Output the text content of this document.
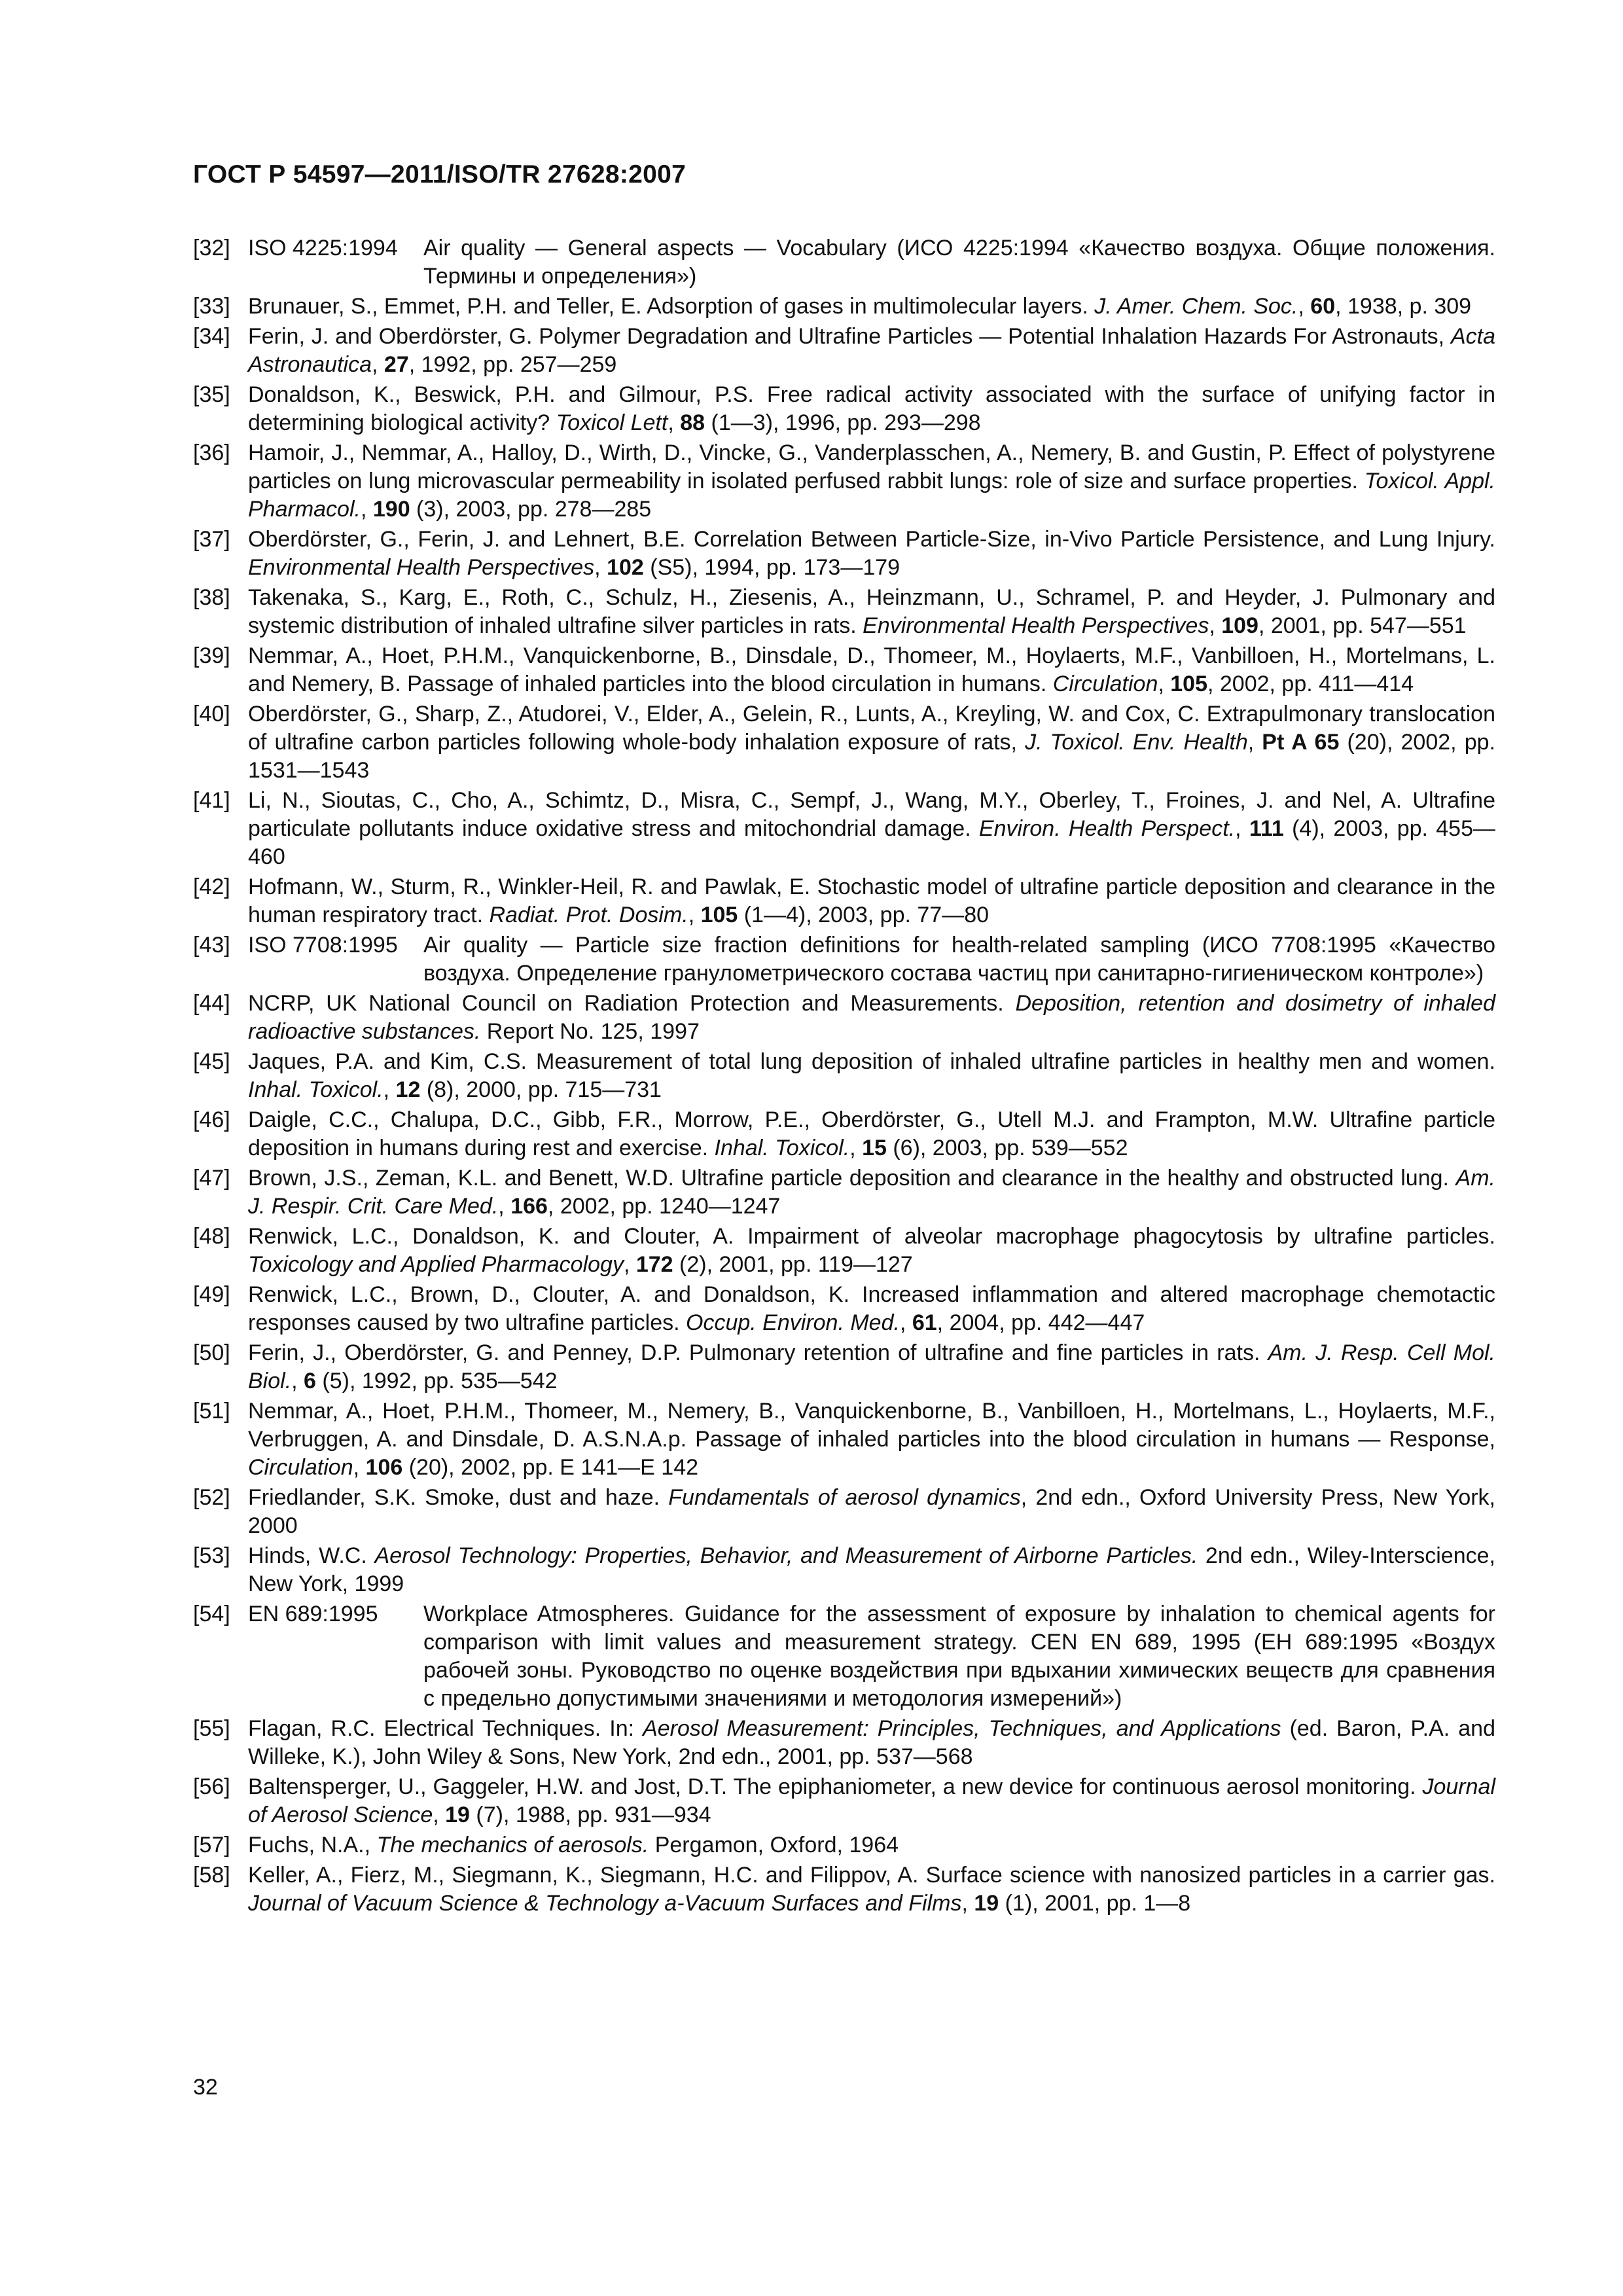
ГОСТ Р 54597—2011/ISO/TR 27628:2007
[32] ISO 4225:1994	Air quality — General aspects — Vocabulary (ИСО 4225:1994 «Качество воздуха. Общие положения. Термины и определения»)
[33] Brunauer, S., Emmet, P.H. and Teller, E. Adsorption of gases in multimolecular layers. J. Amer. Chem. Soc., 60, 1938, p. 309
[34] Ferin, J. and Oberdörster, G. Polymer Degradation and Ultrafine Particles — Potential Inhalation Hazards For Astronauts, Acta Astronautica, 27, 1992, pp. 257—259
[35] Donaldson, K., Beswick, P.H. and Gilmour, P.S. Free radical activity associated with the surface of unifying factor in determining biological activity? Toxicol Lett, 88 (1—3), 1996, pp. 293—298
[36] Hamoir, J., Nemmar, A., Halloy, D., Wirth, D., Vincke, G., Vanderplasschen, A., Nemery, B. and Gustin, P. Effect of polystyrene particles on lung microvascular permeability in isolated perfused rabbit lungs: role of size and surface properties. Toxicol. Appl. Pharmacol., 190 (3), 2003, pp. 278—285
[37] Oberdörster, G., Ferin, J. and Lehnert, B.E. Correlation Between Particle-Size, in-Vivo Particle Persistence, and Lung Injury. Environmental Health Perspectives, 102 (S5), 1994, pp. 173—179
[38] Takenaka, S., Karg, E., Roth, C., Schulz, H., Ziesenis, A., Heinzmann, U., Schramel, P. and Heyder, J. Pulmonary and systemic distribution of inhaled ultrafine silver particles in rats. Environmental Health Perspectives, 109, 2001, pp. 547—551
[39] Nemmar, A., Hoet, P.H.M., Vanquickenborne, B., Dinsdale, D., Thomeer, M., Hoylaerts, M.F., Vanbilloen, H., Mortelmans, L. and Nemery, B. Passage of inhaled particles into the blood circulation in humans. Circulation, 105, 2002, pp. 411—414
[40] Oberdörster, G., Sharp, Z., Atudorei, V., Elder, A., Gelein, R., Lunts, A., Kreyling, W. and Cox, C. Extrapulmonary translocation of ultrafine carbon particles following whole-body inhalation exposure of rats, J. Toxicol. Env. Health, Pt A 65 (20), 2002, pp. 1531—1543
[41] Li, N., Sioutas, C., Cho, A., Schimtz, D., Misra, C., Sempf, J., Wang, M.Y., Oberley, T., Froines, J. and Nel, A. Ultrafine particulate pollutants induce oxidative stress and mitochondrial damage. Environ. Health Perspect., 111 (4), 2003, pp. 455—460
[42] Hofmann, W., Sturm, R., Winkler-Heil, R. and Pawlak, E. Stochastic model of ultrafine particle deposition and clearance in the human respiratory tract. Radiat. Prot. Dosim., 105 (1—4), 2003, pp. 77—80
[43] ISO 7708:1995	Air quality — Particle size fraction definitions for health-related sampling (ИСО 7708:1995 «Качество воздуха. Определение гранулометрического состава частиц при санитарно-гигиеническом контроле»)
[44] NCRP, UK National Council on Radiation Protection and Measurements. Deposition, retention and dosimetry of inhaled radioactive substances. Report No. 125, 1997
[45] Jaques, P.A. and Kim, C.S. Measurement of total lung deposition of inhaled ultrafine particles in healthy men and women. Inhal. Toxicol., 12 (8), 2000, pp. 715—731
[46] Daigle, C.C., Chalupa, D.C., Gibb, F.R., Morrow, P.E., Oberdörster, G., Utell M.J. and Frampton, M.W. Ultrafine particle deposition in humans during rest and exercise. Inhal. Toxicol., 15 (6), 2003, pp. 539—552
[47] Brown, J.S., Zeman, K.L. and Benett, W.D. Ultrafine particle deposition and clearance in the healthy and obstructed lung. Am. J. Respir. Crit. Care Med., 166, 2002, pp. 1240—1247
[48] Renwick, L.C., Donaldson, K. and Clouter, A. Impairment of alveolar macrophage phagocytosis by ultrafine particles. Toxicology and Applied Pharmacology, 172 (2), 2001, pp. 119—127
[49] Renwick, L.C., Brown, D., Clouter, A. and Donaldson, K. Increased inflammation and altered macrophage chemotactic responses caused by two ultrafine particles. Occup. Environ. Med., 61, 2004, pp. 442—447
[50] Ferin, J., Oberdörster, G. and Penney, D.P. Pulmonary retention of ultrafine and fine particles in rats. Am. J. Resp. Cell Mol. Biol., 6 (5), 1992, pp. 535—542
[51] Nemmar, A., Hoet, P.H.M., Thomeer, M., Nemery, B., Vanquickenborne, B., Vanbilloen, H., Mortelmans, L., Hoylaerts, M.F., Verbruggen, A. and Dinsdale, D. A.S.N.A.p. Passage of inhaled particles into the blood circulation in humans — Response, Circulation, 106 (20), 2002, pp. E 141—E 142
[52] Friedlander, S.K. Smoke, dust and haze. Fundamentals of aerosol dynamics, 2nd edn., Oxford University Press, New York, 2000
[53] Hinds, W.C. Aerosol Technology: Properties, Behavior, and Measurement of Airborne Particles. 2nd edn., Wiley-Interscience, New York, 1999
[54] EN 689:1995	Workplace Atmospheres. Guidance for the assessment of exposure by inhalation to chemical agents for comparison with limit values and measurement strategy. CEN EN 689, 1995 (ЕН 689:1995 «Воздух рабочей зоны. Руководство по оценке воздействия при вдыхании химических веществ для сравнения с предельно допустимыми значениями и методология измерений»)
[55] Flagan, R.C. Electrical Techniques. In: Aerosol Measurement: Principles, Techniques, and Applications (ed. Baron, P.A. and Willeke, K.), John Wiley & Sons, New York, 2nd edn., 2001, pp. 537—568
[56] Baltensperger, U., Gaggeler, H.W. and Jost, D.T. The epiphaniometer, a new device for continuous aerosol monitoring. Journal of Aerosol Science, 19 (7), 1988, pp. 931—934
[57] Fuchs, N.A., The mechanics of aerosols. Pergamon, Oxford, 1964
[58] Keller, A., Fierz, M., Siegmann, K., Siegmann, H.C. and Filippov, A. Surface science with nanosized particles in a carrier gas. Journal of Vacuum Science & Technology a-Vacuum Surfaces and Films, 19 (1), 2001, pp. 1—8
32
